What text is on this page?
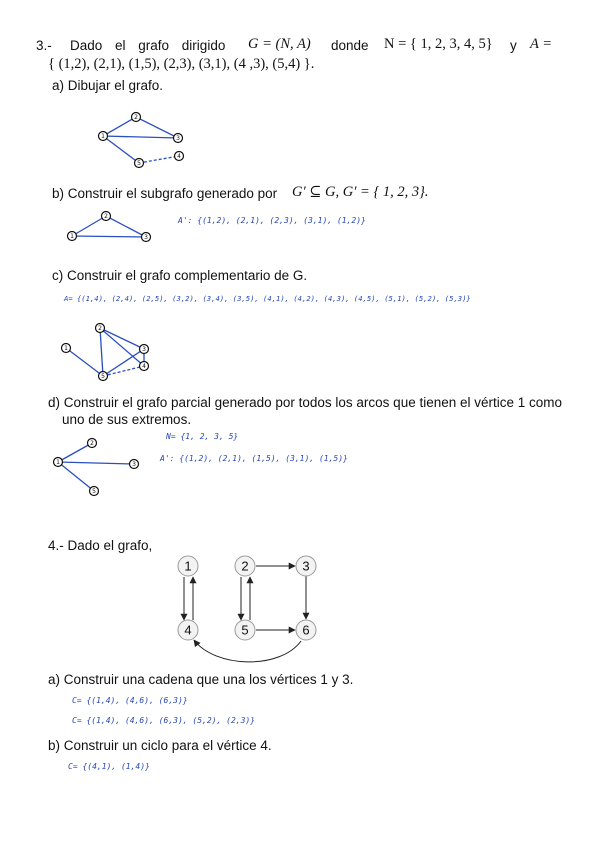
3.- Dado el grafo dirigido G = (N, A) donde N = { 1, 2, 3, 4, 5} y A =
{ (1,2), (2,1), (1,5), (2,3), (3,1), (4 ,3), (5,4) }.
a) Dibujar el grafo.
1
2
3
4
5
b) Construir el subgrafo generado por G′ ⊆ G, G′ = { 1, 2, 3}.
1
2
3
A': {(1,2), (2,1), (2,3), (3,1), (1,2)}
c) Construir el grafo complementario de G.
A= {(1,4), (2,4), (2,5), (3,2), (3,4), (3,5), (4,1), (4,2), (4,3), (4,5), (5,1), (5,2), (5,3)}
1
2
3
4
5
d) Construir el grafo parcial generado por todos los arcos que tienen el vértice 1 como
uno de sus extremos.
N= {1, 2, 3, 5}
A': {(1,2), (2,1), (1,5), (3,1), (1,5)}
1
2
3
5
4.- Dado el grafo,
1	2	3
4	5	6
a) Construir una cadena que una los vértices 1 y 3.
C= {(1,4), (4,6), (6,3)}
C= {(1,4), (4,6), (6,3), (5,2), (2,3)}
b) Construir un ciclo para el vértice 4.
C= {(4,1), (1,4)}
